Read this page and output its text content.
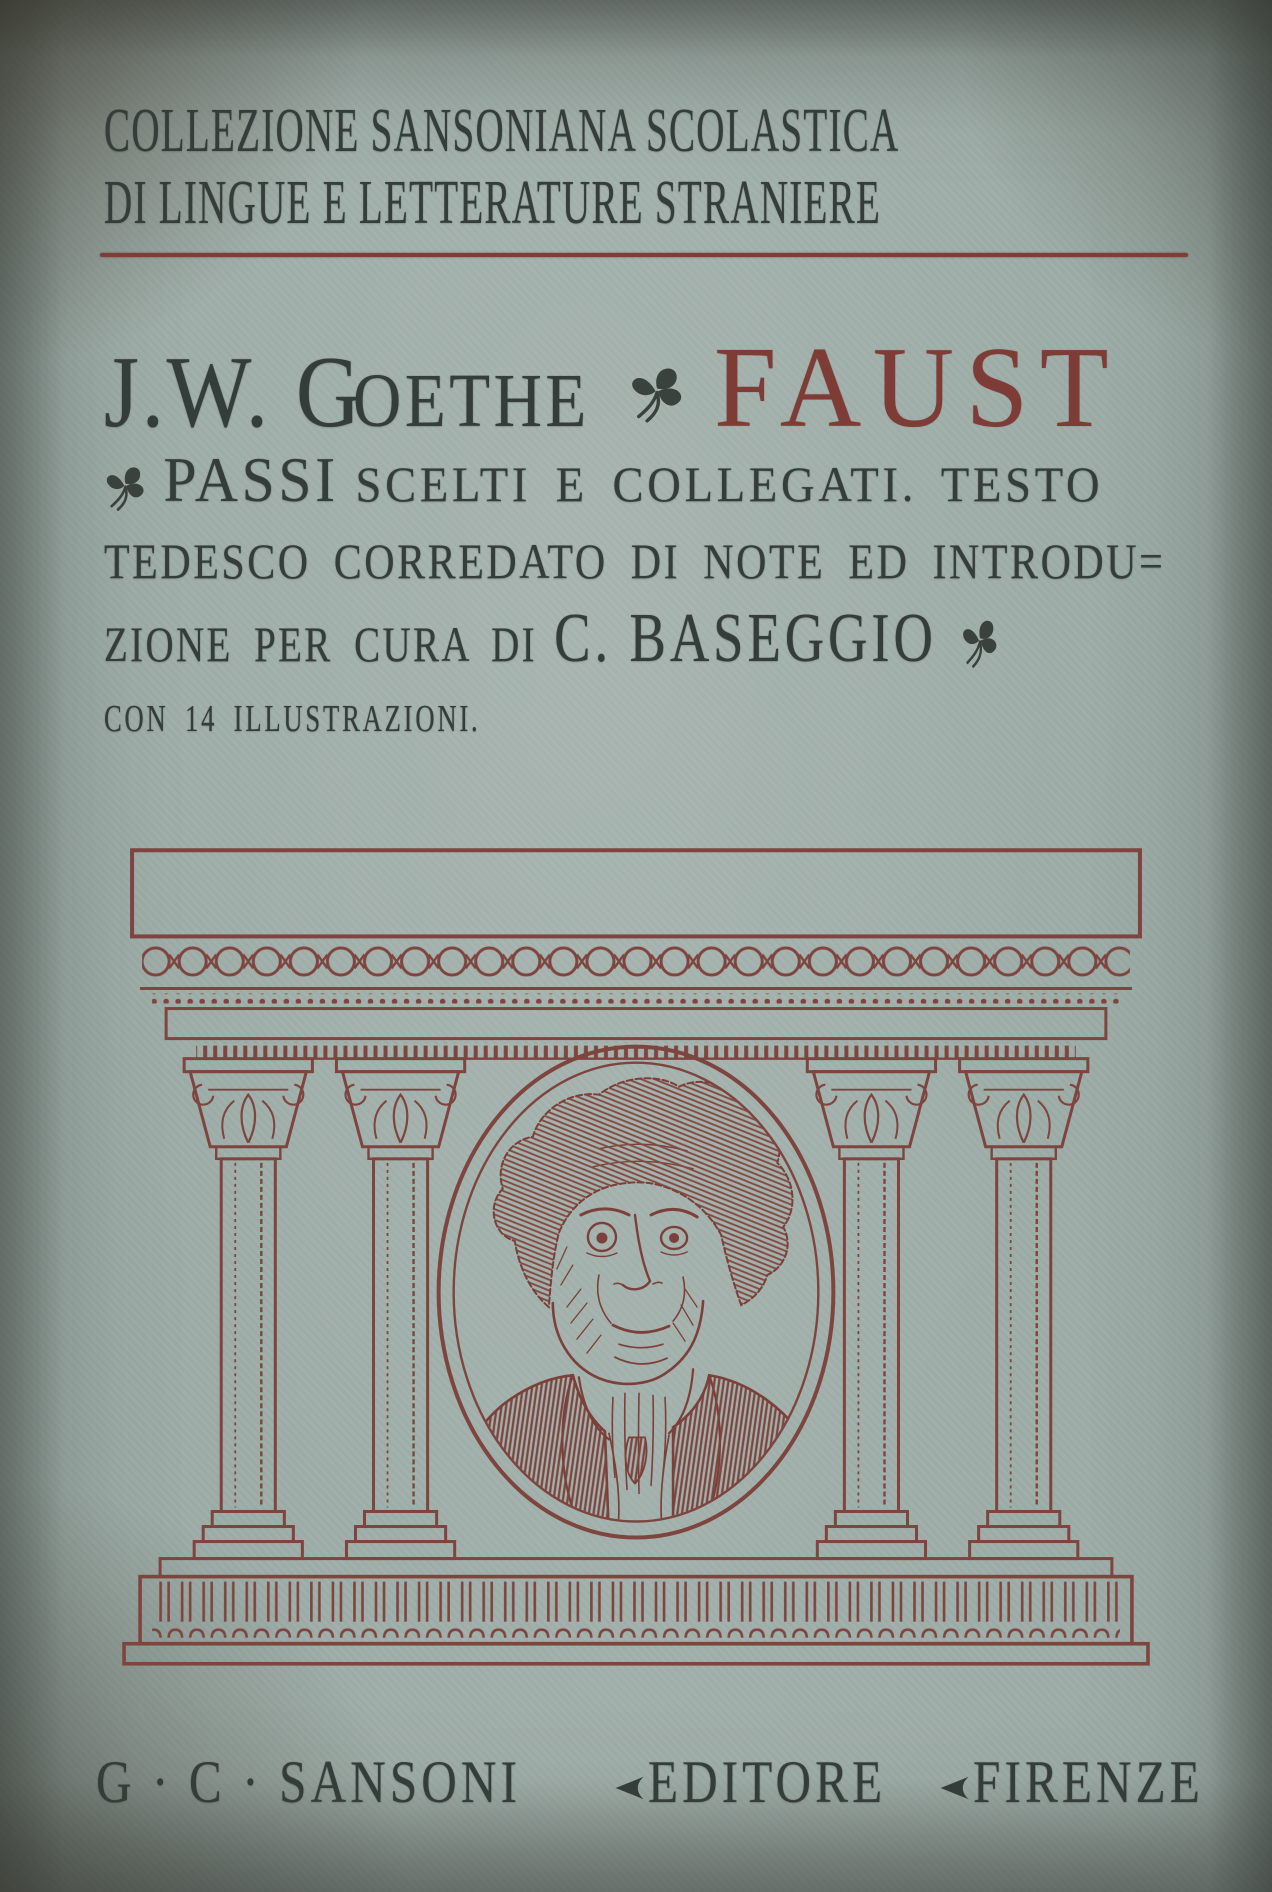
COLLEZIONE SANSONIANA SCOLASTICA
DI LINGUE E LETTERATURE STRANIERE
J.W. G
OETHE FAUST
PASSI SCELTI E COLLEGATI. TESTO
TEDESCO CORREDATO DI NOTE ED INTRODU=
ZIONE PER CURA DI C. BASEGGIO
CON 14 ILLUSTRAZIONI.
G · C · SANSONI EDITORE FIRENZE
